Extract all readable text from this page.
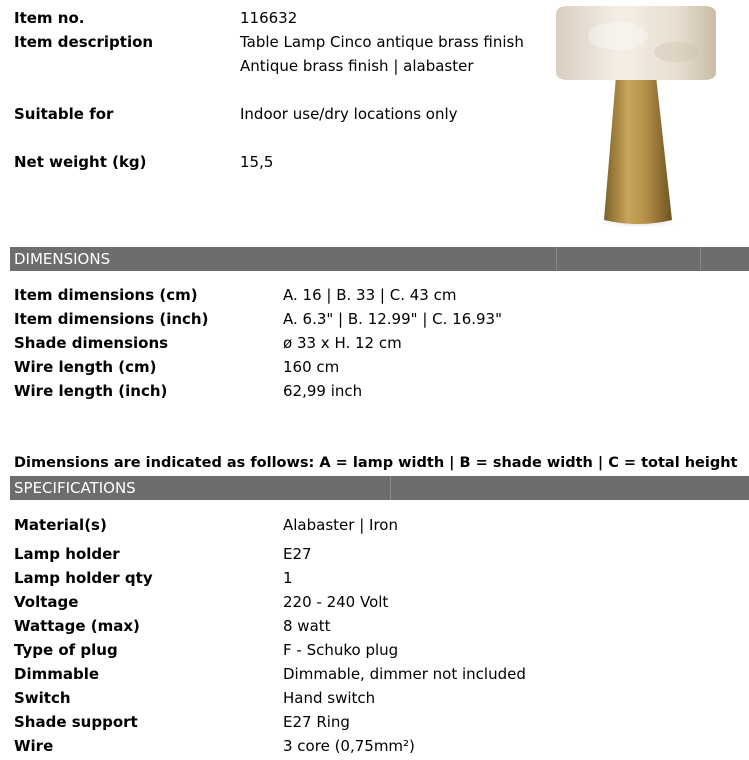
Item no.	116632
Item description	Table Lamp Cinco antique brass finish
Antique brass finish | alabaster
Suitable for	Indoor use/dry locations only
Net weight (kg)	15,5
DIMENSIONS
Item dimensions (cm)	A. 16 | B. 33 | C. 43 cm
Item dimensions (inch)	A. 6.3" | B. 12.99" | C. 16.93"
Shade dimensions	ø 33 x H. 12 cm
Wire length (cm)	160 cm
Wire length (inch)	62,99 inch
Dimensions are indicated as follows: A = lamp width | B = shade width | C = total height
SPECIFICATIONS
Material(s)	Alabaster | Iron
Lamp holder	E27
Lamp holder qty	1
Voltage	220 - 240 Volt
Wattage (max)	8 watt
Type of plug	F - Schuko plug
Dimmable	Dimmable, dimmer not included
Switch	Hand switch
Shade support	E27 Ring
Wire	3 core (0,75mm²)
